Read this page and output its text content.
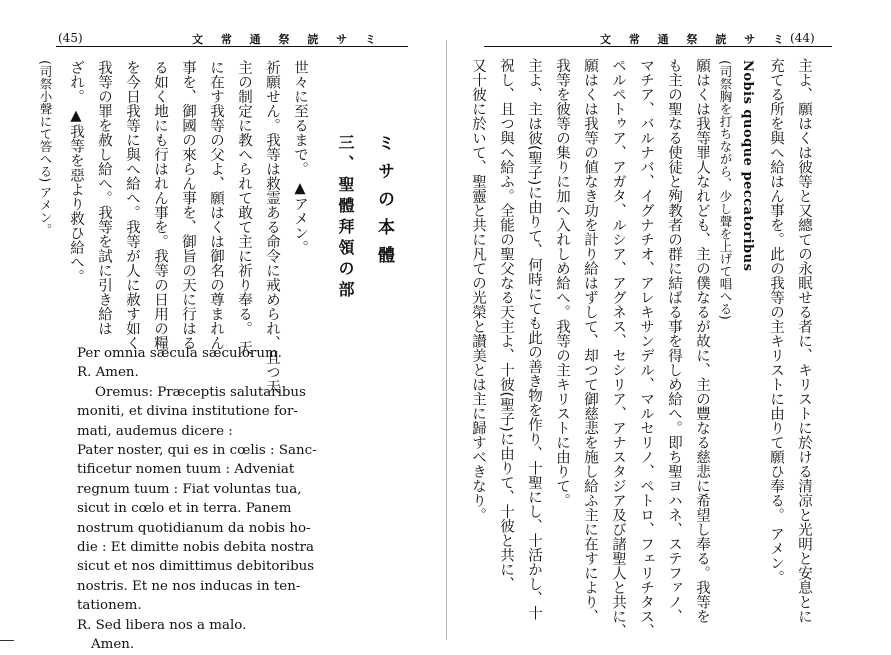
(45)	文 常 通 祭 読 サ ミ
ミサの本體
三、聖體拜領の部
世々に至るまで。 ▲アメン。
祈願せん。我等は救霊ある命令に戒められ、且つ天
主の制定に教へられて敢て主に祈り奉る。 天
に在す我等の父よ、願はくは御名の尊まれん
事を、御國の來らん事を、御旨の天に行はる
る如く地にも行はれん事を。我等の日用の糧
を今日我等に與へ給へ。我等が人に赦す如く
我等の罪を赦し給へ。我等を試に引き給は
ざれ。 ▲我等を惡より救ひ給へ。
(司祭小聲にて答へる) アメン。
Per omnia sæcula sæculorum.
R. Amen.
Oremus: Præceptis salutaribus
moniti, et divina institutione for-
mati, audemus dicere :
Pater noster, qui es in cœlis : Sanc-
tificetur nomen tuum : Adveniat
regnum tuum : Fiat voluntas tua,
sicut in cœlo et in terra. Panem
nostrum quotidianum da nobis ho-
die : Et dimitte nobis debita nostra
sicut et nos dimittimus debitoribus
nostris. Et ne nos inducas in ten-
tationem.
R. Sed libera nos a malo.
Amen.
文 常 通 祭 読 サ ミ (44)
主よ、願はくは彼等と又總ての永眠せる者に、キリストに於ける清凉と光明と安息とに
充てる所を與へ給はん事を。此の我等の主キリストに由りて願ひ奉る。 アメン。
Nobis quoque peccatoribus
(司祭胸を打ちながら、少し聲を上げて唱へる)
願はくは我等罪人なれども、主の僕なるが故に、主の豐なる慈悲に希望し奉る。我等を
も主の聖なる使徒と殉教者の群に結ばる事を得しめ給へ。即ち聖ヨハネ、ステファノ、
マチア、バルナバ、イグナチオ、アレキサンデル、マルセリノ、ペトロ、フェリチタス、
ペルペトゥア、アガタ、ルシア、アグネス、セシリア、アナスタジア及び諸聖人と共に、
願はくは我等の値なき功を計り給はずして、却つて御慈悲を施し給ふ主に在すにより、
我等を彼等の集りに加へ入れしめ給へ。我等の主キリストに由りて。
主よ、主は彼(聖子)に由りて、何時にても此の善き物を作り、十聖にし、十活かし、十
祝し、且つ與へ給ふ。全能の聖父なる天主よ、十彼(聖子)に由りて、十彼と共に、
又十彼に於いて、聖靈と共に凡ての光榮と讃美とは主に歸すべきなり。
